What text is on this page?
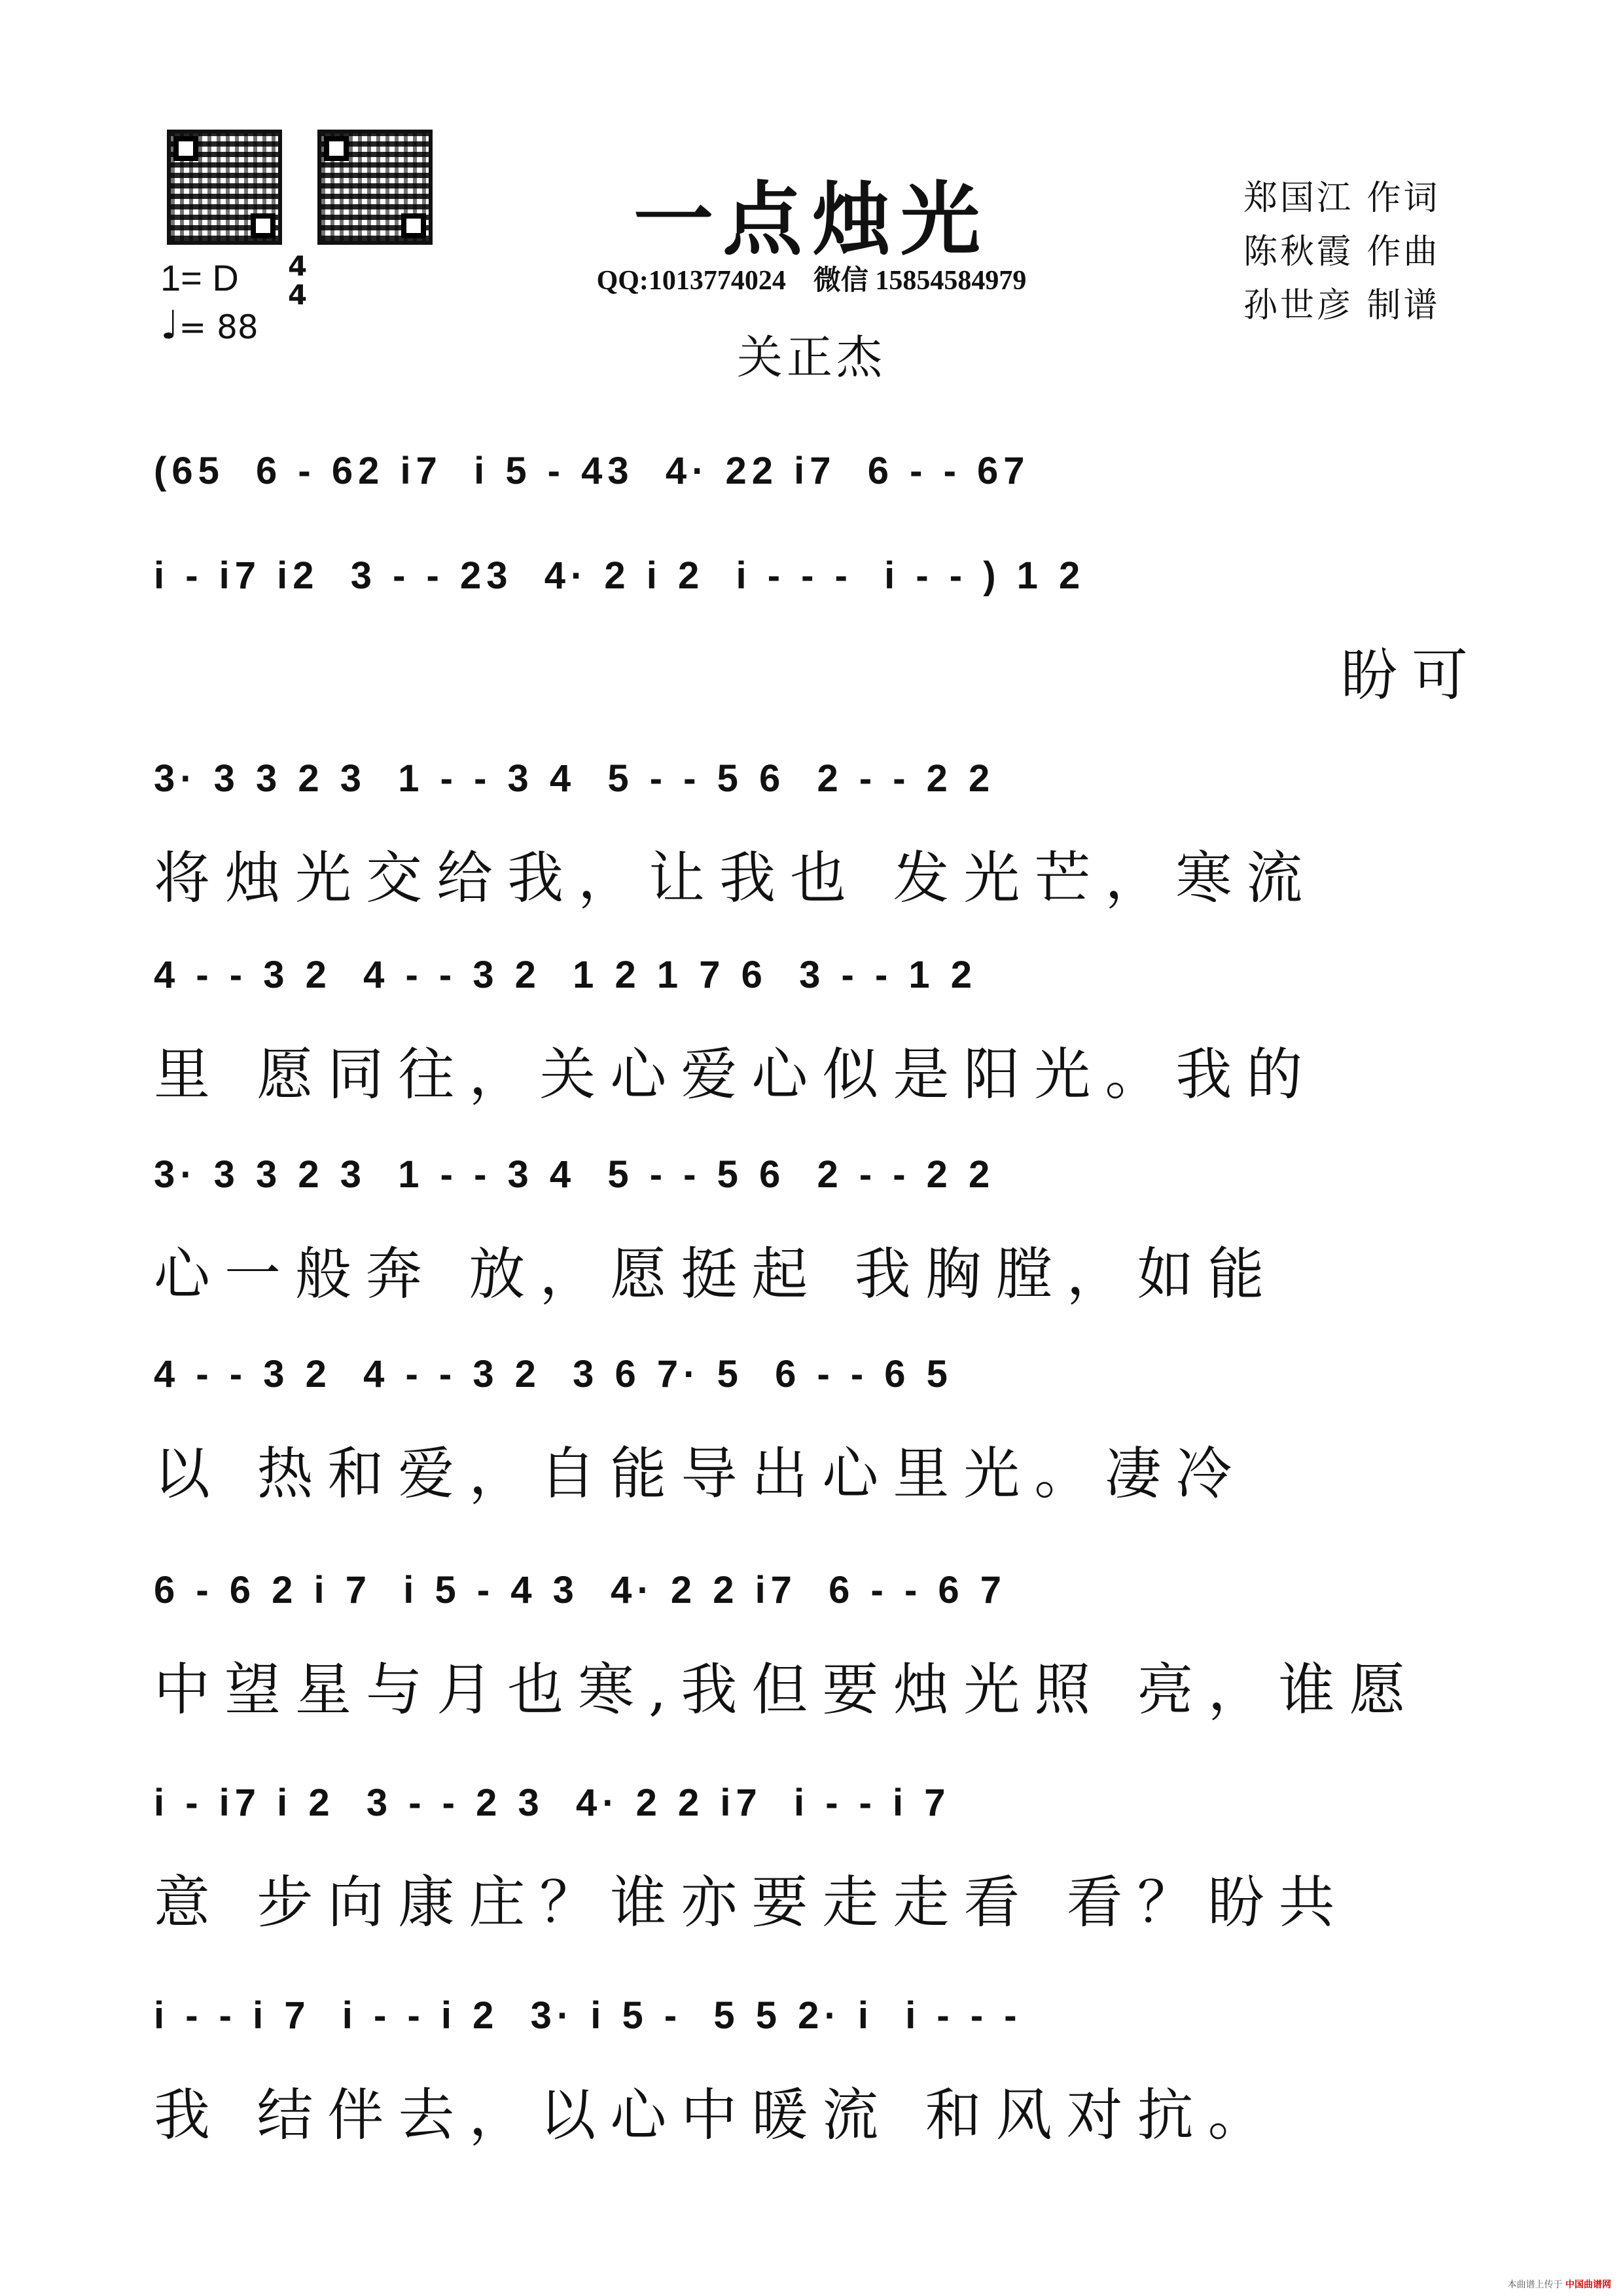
一点烛光
QQ:1013774024　微信 15854584979
关正杰
郑国江 作词
陈秋霞 作曲
孙世彦 制谱
1= D 4
4
♩= 88
(65  6 - 62 i7  i 5 - 43  4· 22 i7  6 - - 67
i - i7 i2  3 - - 23  4· 2 i 2  i - - -  i - - ) 1 2
盼可
3· 3 3 2 3  1 - - 3 4  5 - - 5 6  2 - - 2 2
将烛光交给我，让我也 发光芒，寒流
4 - - 3 2  4 - - 3 2  1 2 1 7 6  3 - - 1 2
里 愿同往，关心爱心似是阳光。我的
3· 3 3 2 3  1 - - 3 4  5 - - 5 6  2 - - 2 2
心一般奔 放，愿挺起 我胸膛，如能
4 - - 3 2  4 - - 3 2  3 6 7· 5  6 - - 6 5
以 热和爱，自能导出心里光。凄冷
6 - 6 2 i 7  i 5 - 4 3  4· 2 2 i7  6 - - 6 7
中望星与月也寒,我但要烛光照 亮，谁愿
i - i7 i 2  3 - - 2 3  4· 2 2 i7  i - - i 7
意 步向康庄？谁亦要走走看 看？盼共
i - - i 7  i - - i 2  3· i 5 -  5 5 2· i  i - - -
我 结伴去，以心中暖流 和风对抗。
本曲谱上传于 中国曲谱网
